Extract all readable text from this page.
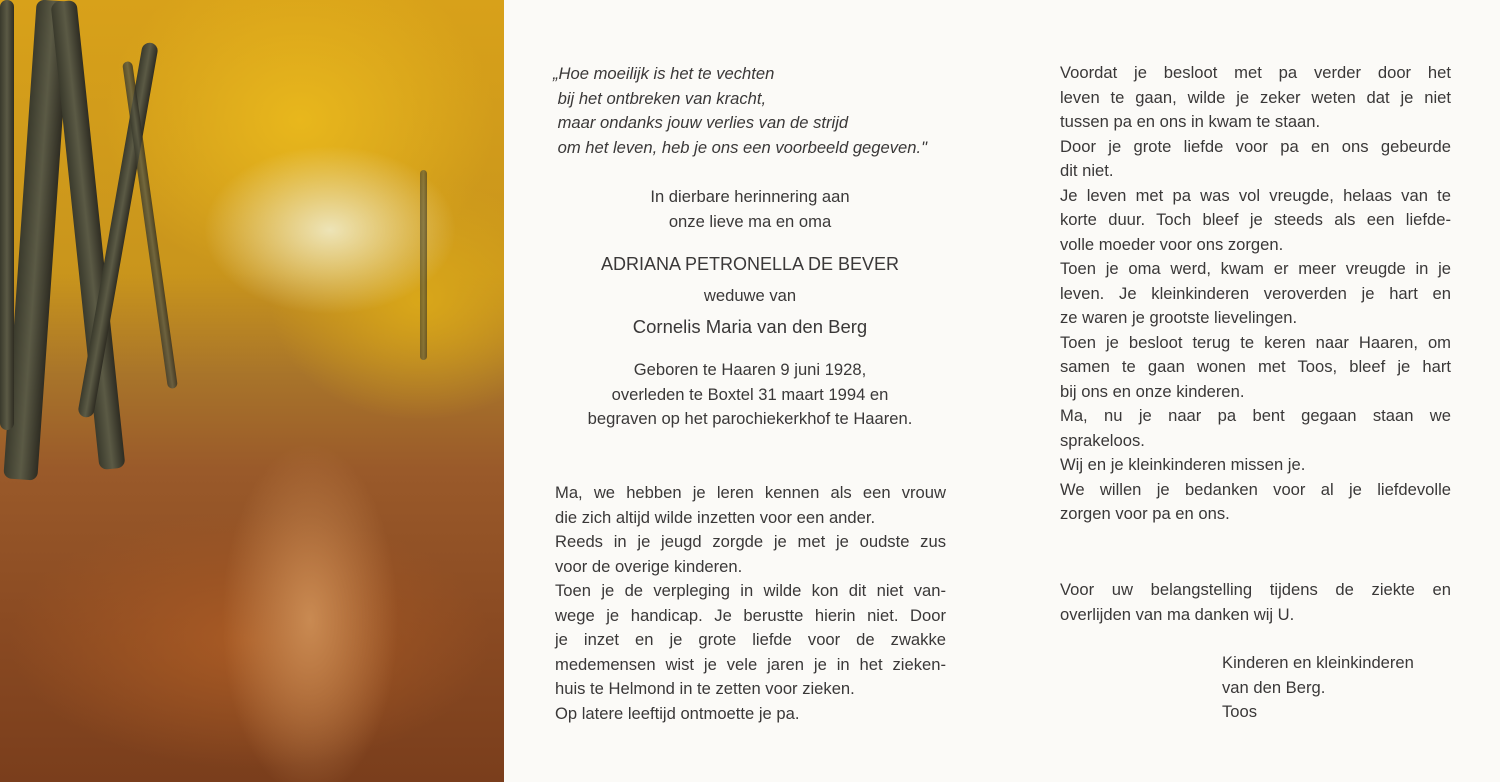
„Hoe moeilijk is het te vechten
bij het ontbreken van kracht,
maar ondanks jouw verlies van de strijd
om het leven, heb je ons een voorbeeld gegeven."
In dierbare herinnering aan
onze lieve ma en oma
ADRIANA PETRONELLA DE BEVER
weduwe van
Cornelis Maria van den Berg
Geboren te Haaren 9 juni 1928,
overleden te Boxtel 31 maart 1994 en
begraven op het parochiekerkhof te Haaren.
Ma, we hebben je leren kennen als een vrouw
die zich altijd wilde inzetten voor een ander.
Reeds in je jeugd zorgde je met je oudste zus
voor de overige kinderen.
Toen je de verpleging in wilde kon dit niet van-
wege je handicap. Je berustte hierin niet. Door
je inzet en je grote liefde voor de zwakke
medemensen wist je vele jaren je in het zieken-
huis te Helmond in te zetten voor zieken.
Op latere leeftijd ontmoette je pa.
Voordat je besloot met pa verder door het
leven te gaan, wilde je zeker weten dat je niet
tussen pa en ons in kwam te staan.
Door je grote liefde voor pa en ons gebeurde
dit niet.
Je leven met pa was vol vreugde, helaas van te
korte duur. Toch bleef je steeds als een liefde-
volle moeder voor ons zorgen.
Toen je oma werd, kwam er meer vreugde in je
leven. Je kleinkinderen veroverden je hart en
ze waren je grootste lievelingen.
Toen je besloot terug te keren naar Haaren, om
samen te gaan wonen met Toos, bleef je hart
bij ons en onze kinderen.
Ma, nu je naar pa bent gegaan staan we
sprakeloos.
Wij en je kleinkinderen missen je.
We willen je bedanken voor al je liefdevolle
zorgen voor pa en ons.
Voor uw belangstelling tijdens de ziekte en
overlijden van ma danken wij U.
Kinderen en kleinkinderen
van den Berg.
Toos
